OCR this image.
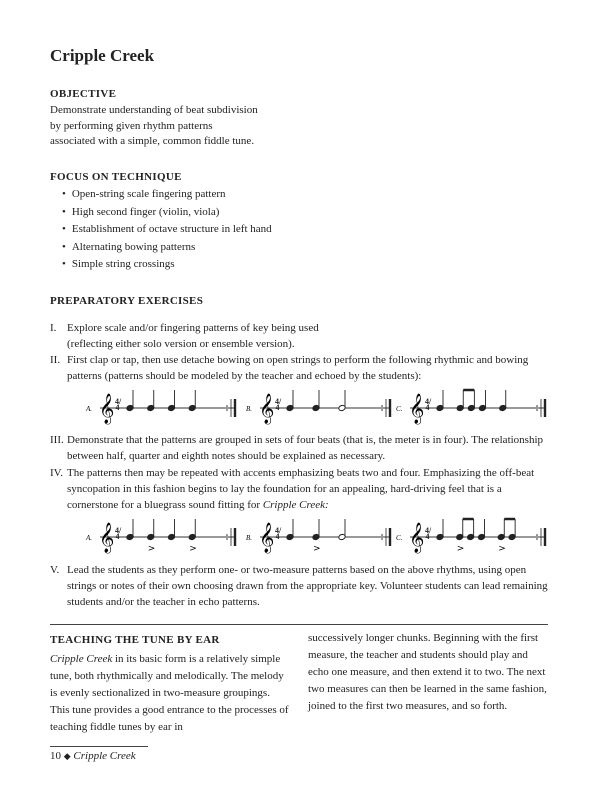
Cripple Creek
OBJECTIVE
Demonstrate understanding of beat subdivision
by performing given rhythm patterns
associated with a simple, common fiddle tune.
FOCUS ON TECHNIQUE
• Open-string scale fingering pattern
• High second finger (violin, viola)
• Establishment of octave structure in left hand
• Alternating bowing patterns
• Simple string crossings
PREPARATORY EXERCISES
I. Explore scale and/or fingering patterns of key being used (reflecting either solo version or ensemble version).
II. First clap or tap, then use detache bowing on open strings to perform the following rhythmic and bowing patterns (patterns should be modeled by the teacher and echoed by the students):
A. 𝄞	B. 𝄞	C. 𝄞
4/4
4/4
4/4
III. Demonstrate that the patterns are grouped in sets of four beats (that is, the meter is in four). The relationship between half, quarter and eighth notes should be explained as necessary.
IV. The patterns then may be repeated with accents emphasizing beats two and four. Emphasizing the off-beat syncopation in this fashion begins to lay the foundation for an appealing, hard-driving feel that is a cornerstone for a bluegrass sound fitting for Cripple Creek:
A. 𝄞	>	>
B. 𝄞	>
C. 𝄞	>	>
4/4
4/4
4/4
V. Lead the students as they perform one- or two-measure patterns based on the above rhythms, using open strings or notes of their own choosing drawn from the appropriate key. Volunteer students can lead remaining students and/or the teacher in echo patterns.
TEACHING THE TUNE BY EAR
Cripple Creek in its basic form is a relatively simple tune, both rhythmically and melodically. The melody is evenly sectionalized in two-measure groupings. This tune provides a good entrance to the processes of teaching fiddle tunes by ear in
successively longer chunks. Beginning with the first measure, the teacher and students should play and echo one measure, and then extend it to two. The next two measures can then be learned in the same fashion, joined to the first two measures, and so forth.
10 ◆ Cripple Creek
